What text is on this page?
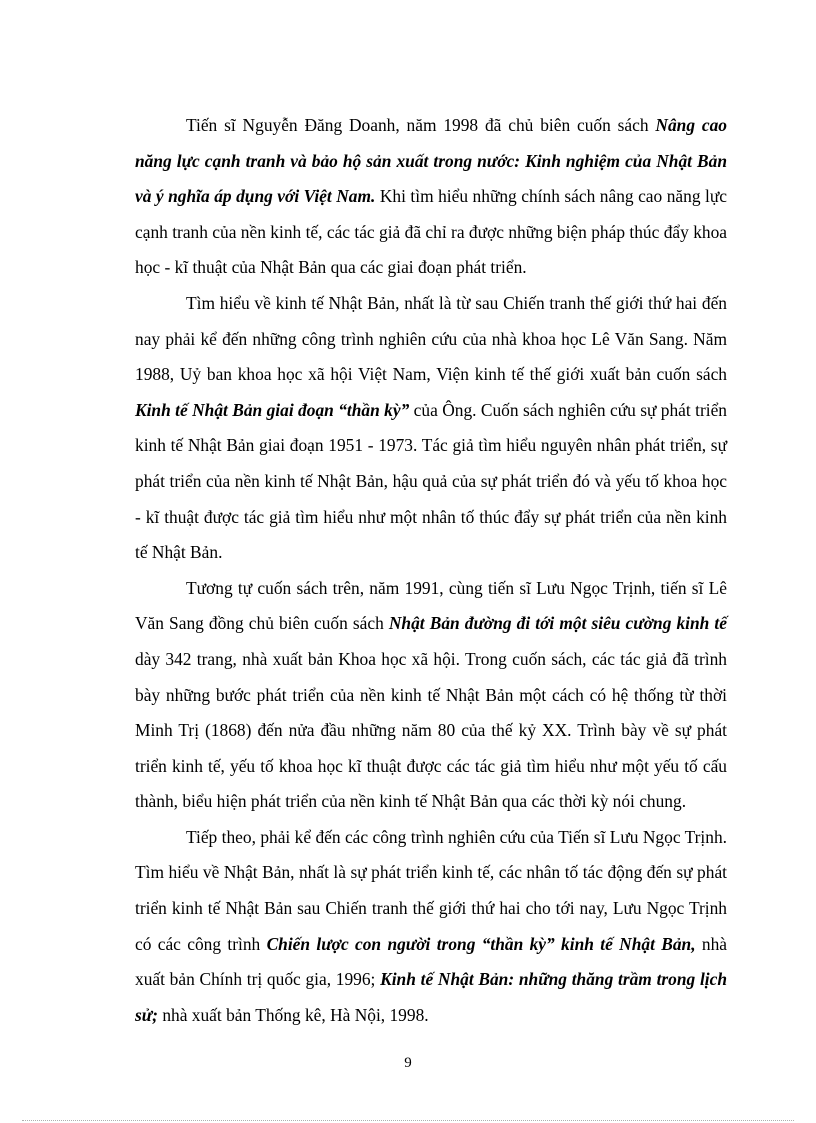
Tiến sĩ Nguyễn Đăng Doanh, năm 1998 đã chủ biên cuốn sách Nâng cao năng lực cạnh tranh và bảo hộ sản xuất trong nước: Kinh nghiệm của Nhật Bản và ý nghĩa áp dụng với Việt Nam. Khi tìm hiểu những chính sách nâng cao năng lực cạnh tranh của nền kinh tế, các tác giả đã chỉ ra được những biện pháp thúc đẩy khoa học - kĩ thuật của Nhật Bản qua các giai đoạn phát triển.

Tìm hiểu về kinh tế Nhật Bản, nhất là từ sau Chiến tranh thế giới thứ hai đến nay phải kể đến những công trình nghiên cứu của nhà khoa học Lê Văn Sang. Năm 1988, Uỷ ban khoa học xã hội Việt Nam, Viện kinh tế thế giới xuất bản cuốn sách Kinh tế Nhật Bản giai đoạn “thần kỳ” của Ông. Cuốn sách nghiên cứu sự phát triển kinh tế Nhật Bản giai đoạn 1951 - 1973. Tác giả tìm hiểu nguyên nhân phát triển, sự phát triển của nền kinh tế Nhật Bản, hậu quả của sự phát triển đó và yếu tố khoa học - kĩ thuật được tác giả tìm hiểu như một nhân tố thúc đẩy sự phát triển của nền kinh tế Nhật Bản.

Tương tự cuốn sách trên, năm 1991, cùng tiến sĩ Lưu Ngọc Trịnh, tiến sĩ Lê Văn Sang đồng chủ biên cuốn sách Nhật Bản đường đi tới một siêu cường kinh tế dày 342 trang, nhà xuất bản Khoa học xã hội. Trong cuốn sách, các tác giả đã trình bày những bước phát triển của nền kinh tế Nhật Bản một cách có hệ thống từ thời Minh Trị (1868) đến nửa đầu những năm 80 của thế kỷ XX. Trình bày về sự phát triển kinh tế, yếu tố khoa học kĩ thuật được các tác giả tìm hiểu như một yếu tố cấu thành, biểu hiện phát triển của nền kinh tế Nhật Bản qua các thời kỳ nói chung.

Tiếp theo, phải kể đến các công trình nghiên cứu của Tiến sĩ Lưu Ngọc Trịnh. Tìm hiểu về Nhật Bản, nhất là sự phát triển kinh tế, các nhân tố tác động đến sự phát triển kinh tế Nhật Bản sau Chiến tranh thế giới thứ hai cho tới nay, Lưu Ngọc Trịnh có các công trình Chiến lược con người trong “thần kỳ” kinh tế Nhật Bản, nhà xuất bản Chính trị quốc gia, 1996; Kinh tế Nhật Bản: những thăng trầm trong lịch sử; nhà xuất bản Thống kê, Hà Nội, 1998.

9
